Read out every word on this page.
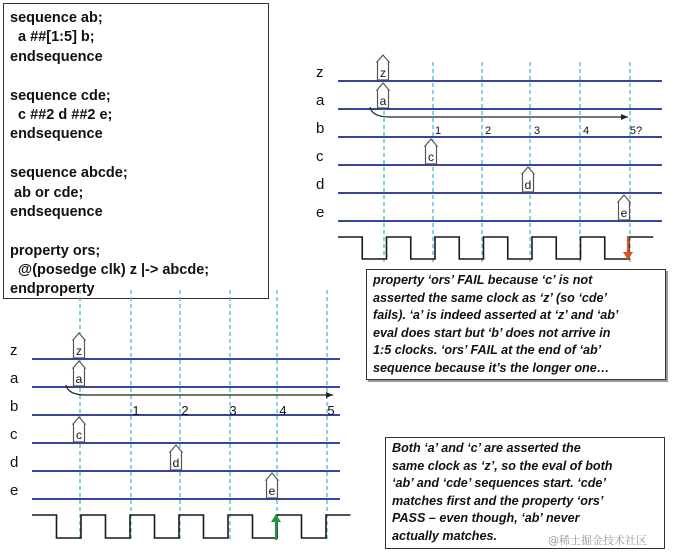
sequence ab;
a ##[1:5] b;
endsequence
sequence cde;
c ##2 d ##2 e;
endsequence
sequence abcde;
ab or cde;
endsequence
property ors;
@(posedge clk) z |-> abcde;
endproperty
z
a
b
c
d
e
z
a
c
d
e
1	2	3	4	5?
z
a
b
c
d
e
z
a
c
d
e
1	2	3	4	5
property ‘ors’ FAIL because ‘c’ is not
asserted the same clock as ‘z’ (so ‘cde’
fails). ‘a’ is indeed asserted at ‘z’ and ‘ab’
eval does start but ‘b’ does not arrive in
1:5 clocks. ‘ors’ FAIL at the end of ‘ab’
sequence because it’s the longer one…
Both ‘a’ and ‘c’ are asserted the
same clock as ‘z’, so the eval of both
‘ab’ and ‘cde’ sequences start. ‘cde’
matches first and the property ‘ors’
PASS – even though, ‘ab’ never
actually matches.	@稀土掘金技术社区
